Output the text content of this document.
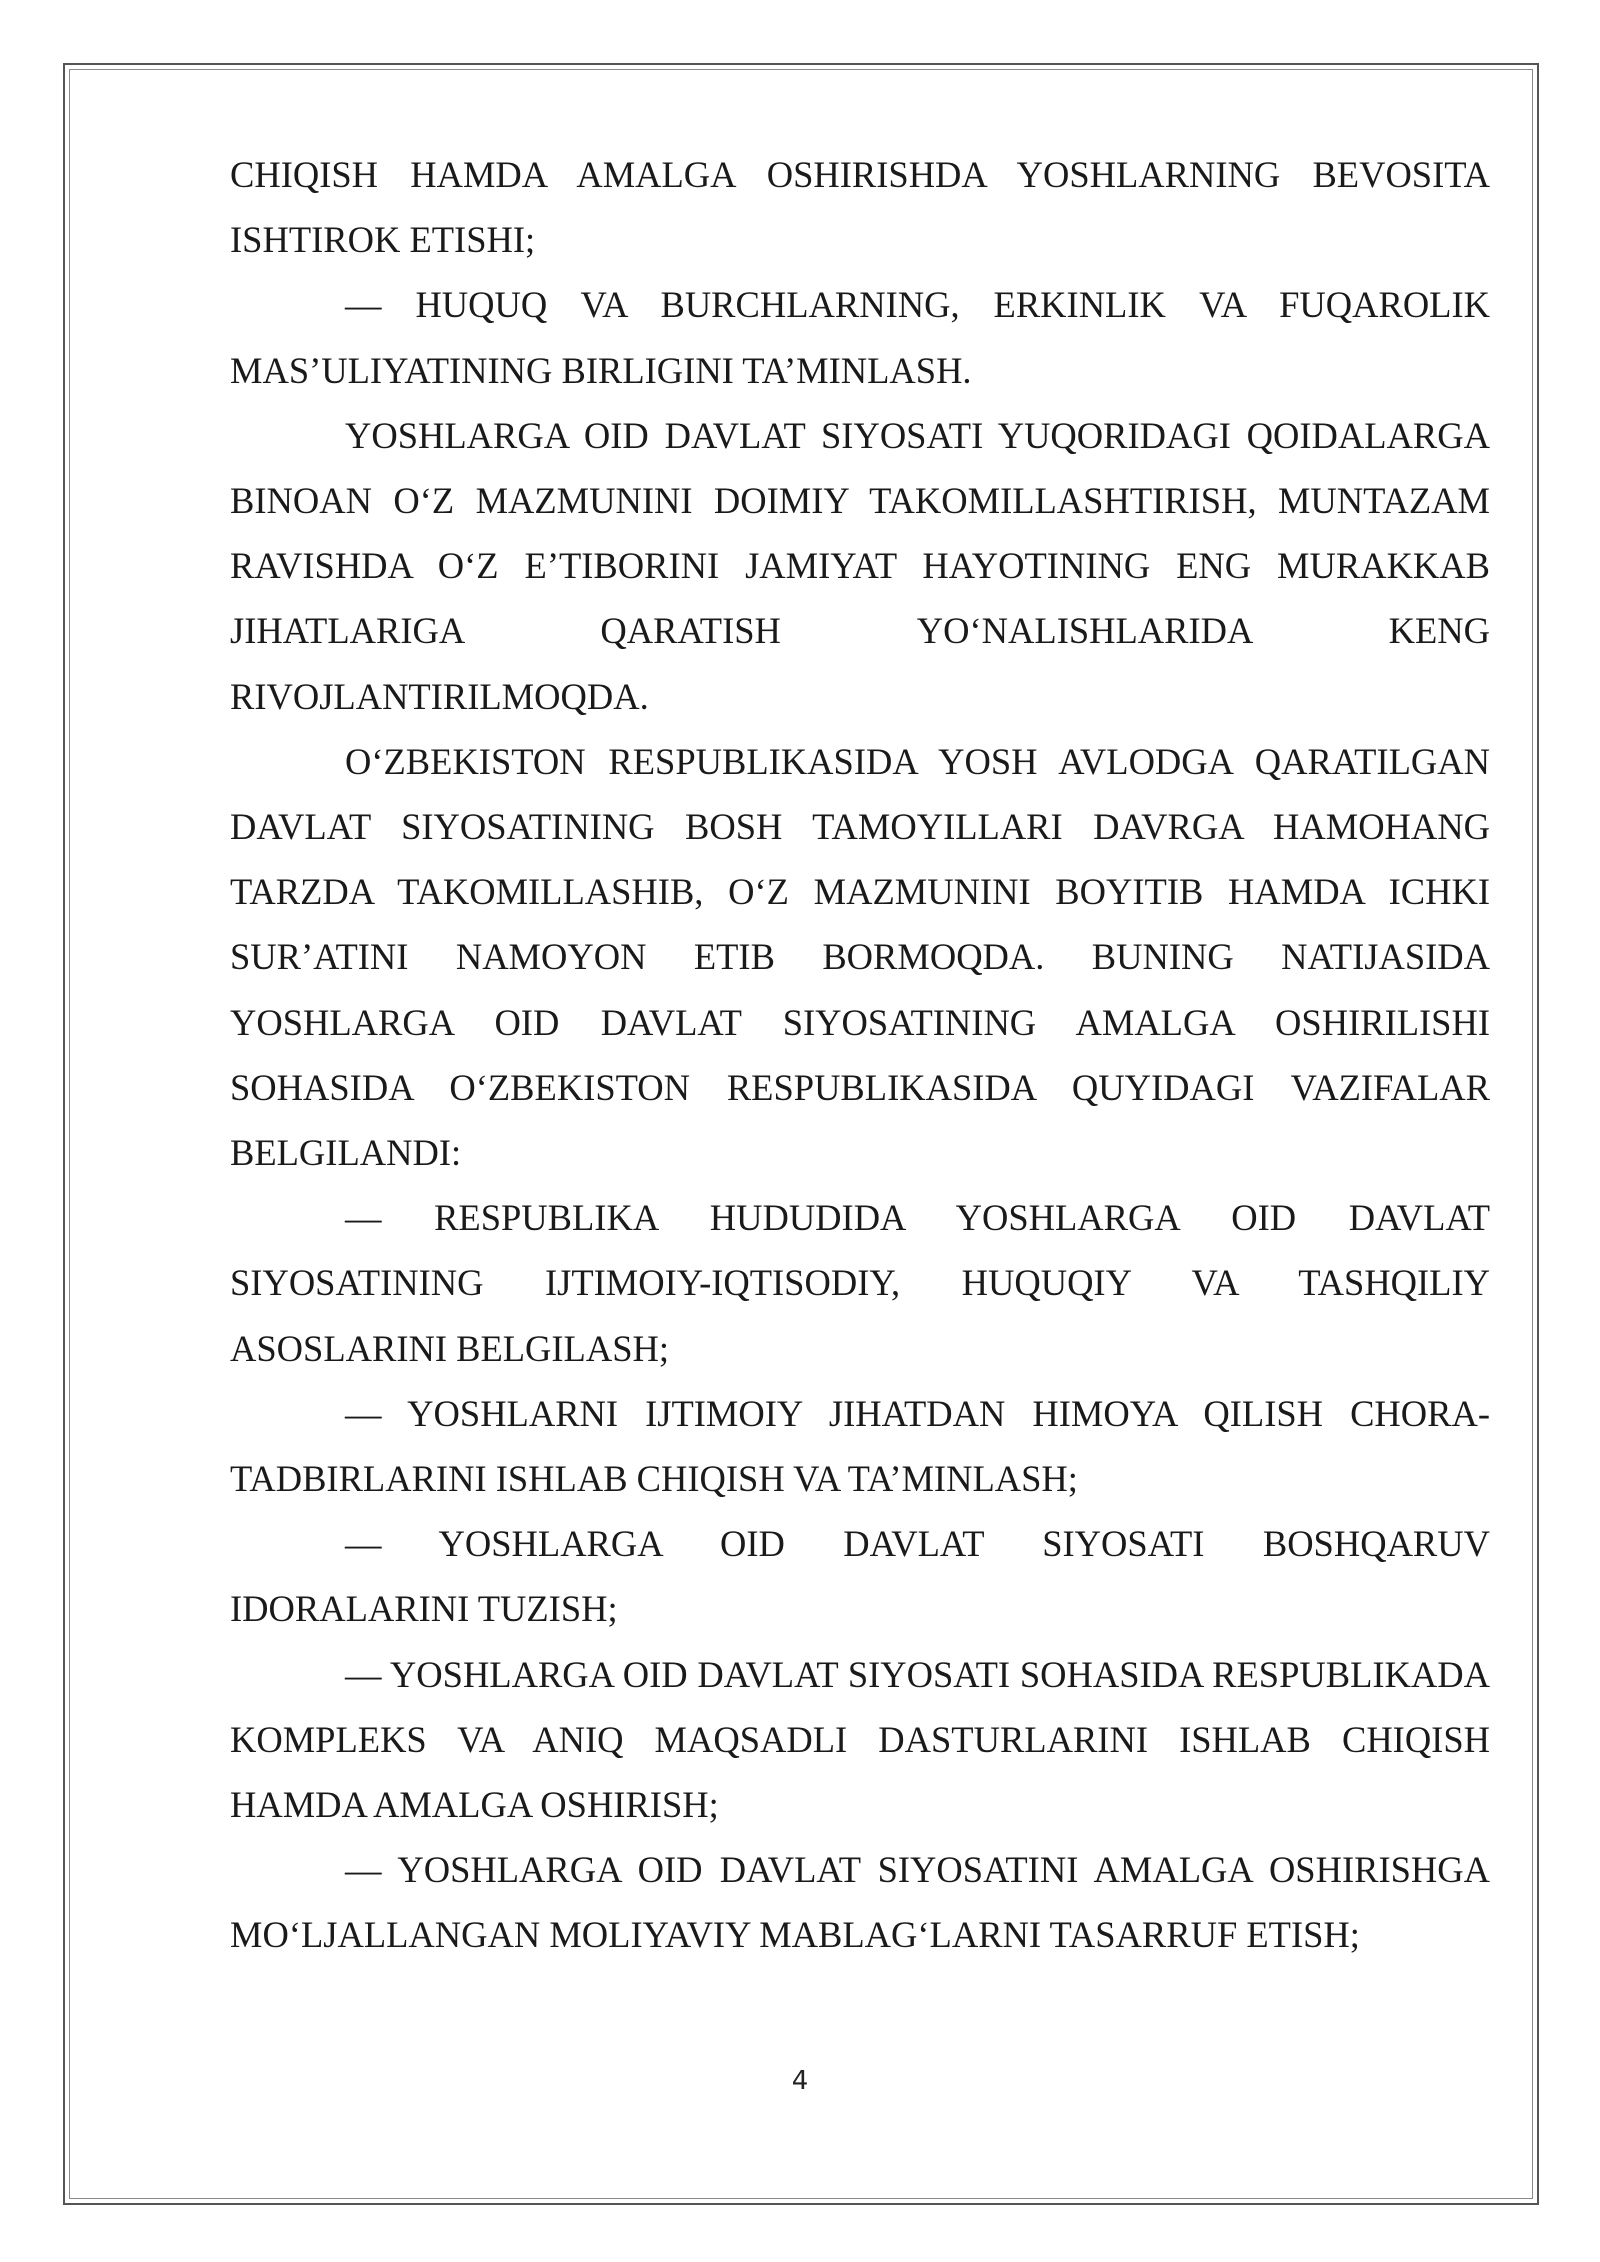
CHIQISH HAMDA AMALGA OSHIRISHDA YOSHLARNING BEVOSITA ISHTIROK ETISHI;

— HUQUQ VA BURCHLARNING, ERKINLIK VA FUQAROLIK MAS’ULIYATINING BIRLIGINI TA’MINLASH.

YOSHLARGA OID DAVLAT SIYOSATI YUQORIDAGI QOIDALARGA BINOAN O‘Z MAZMUNINI DOIMIY TAKOMILLASHTIRISH, MUNTAZAM RAVISHDA O‘Z E’TIBORINI JAMIYAT HAYOTINING ENG MURAKKAB JIHATLARIGA QARATISH YO‘NALISHLARIDA KENG RIVOJLANTIRILMOQDA.

O‘ZBEKISTON RESPUBLIKASIDA YOSH AVLODGA QARATILGAN DAVLAT SIYOSATINING BOSH TAMOYILLARI DAVRGA HAMOHANG TARZDA TAKOMILLASHIB, O‘Z MAZMUNINI BOYITIB HAMDA ICHKI SUR’ATINI NAMOYON ETIB BORMOQDA. BUNING NATIJASIDA YOSHLARGA OID DAVLAT SIYOSATINING AMALGA OSHIRILISHI SOHASIDA O‘ZBEKISTON RESPUBLIKASIDA QUYIDAGI VAZIFALAR BELGILANDI:

— RESPUBLIKA HUDUDIDA YOSHLARGA OID DAVLAT SIYOSATINING IJTIMOIY-IQTISODIY, HUQUQIY VA TASHQILIY ASOSLARINI BELGILASH;

— YOSHLARNI IJTIMOIY JIHATDAN HIMOYA QILISH CHORA-TADBIRLARINI ISHLAB CHIQISH VA TA’MINLASH;

— YOSHLARGA OID DAVLAT SIYOSATI BOSHQARUV IDORALARINI TUZISH;

— YOSHLARGA OID DAVLAT SIYOSATI SOHASIDA RESPUBLIKADA KOMPLEKS VA ANIQ MAQSADLI DASTURLARINI ISHLAB CHIQISH HAMDA AMALGA OSHIRISH;

— YOSHLARGA OID DAVLAT SIYOSATINI AMALGA OSHIRISHGA MO‘LJALLANGAN MOLIYAVIY MABLAG‘LARNI TASARRUF ETISH;

4
